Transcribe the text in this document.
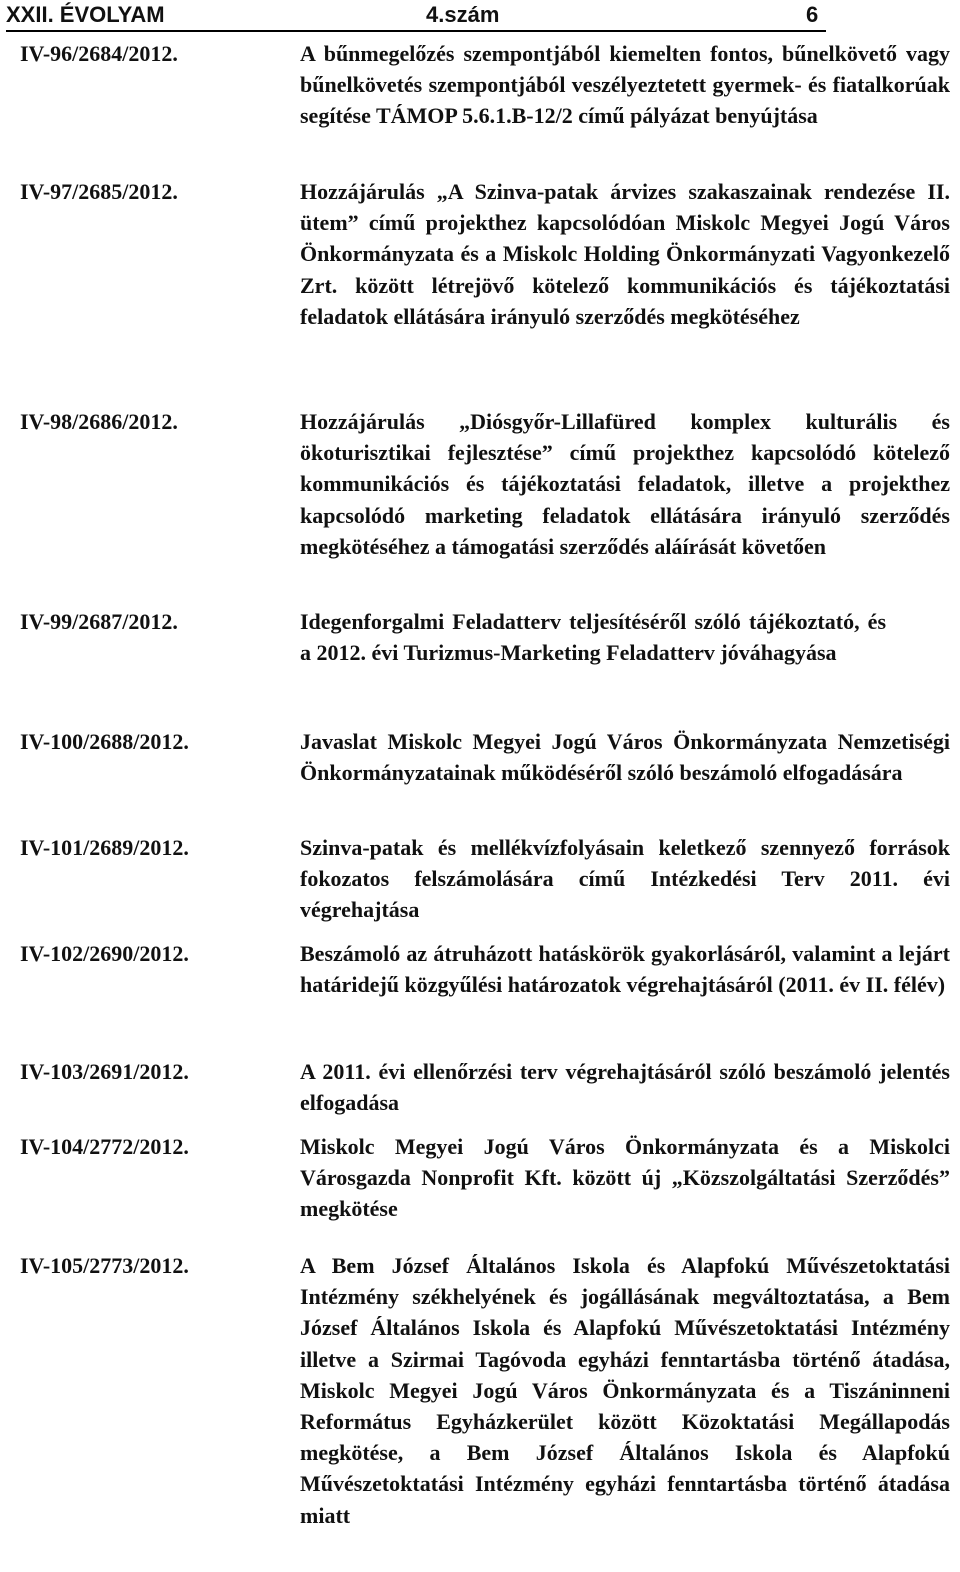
XXII. ÉVOLYAM	4.szám	6
IV-96/2684/2012.	A bűnmegelőzés szempontjából kiemelten fontos, bűnelkövető vagy bűnelkövetés szempontjából veszélyeztetett gyermek- és fiatalkorúak segítése TÁMOP 5.6.1.B-12/2 című pályázat benyújtása
IV-97/2685/2012.	Hozzájárulás „A Szinva-patak árvizes szakaszainak rendezése II. ütem” című projekthez kapcsolódóan Miskolc Megyei Jogú Város Önkormányzata és a Miskolc Holding Önkormányzati Vagyonkezelő Zrt. között létrejövő kötelező kommunikációs és tájékoztatási feladatok ellátására irányuló szerződés megkötéséhez
IV-98/2686/2012.	Hozzájárulás „Diósgyőr-Lillafüred komplex kulturális és ökoturisztikai fejlesztése” című projekthez kapcsolódó kötelező kommunikációs és tájékoztatási feladatok, illetve a projekthez kapcsolódó marketing feladatok ellátására irányuló szerződés megkötéséhez a támogatási szerződés aláírását követően
IV-99/2687/2012.	Idegenforgalmi Feladatterv teljesítéséről szóló tájékoztató, és a 2012. évi Turizmus-Marketing Feladatterv jóváhagyása
IV-100/2688/2012.	Javaslat Miskolc Megyei Jogú Város Önkormányzata Nemzetiségi Önkormányzatainak működéséről szóló beszámoló elfogadására
IV-101/2689/2012.	Szinva-patak és mellékvízfolyásain keletkező szennyező források fokozatos felszámolására című Intézkedési Terv 2011. évi végrehajtása
IV-102/2690/2012.	Beszámoló az átruházott hatáskörök gyakorlásáról, valamint a lejárt határidejű közgyűlési határozatok végrehajtásáról (2011. év II. félév)
IV-103/2691/2012.	A 2011. évi ellenőrzési terv végrehajtásáról szóló beszámoló jelentés elfogadása
IV-104/2772/2012.	Miskolc Megyei Jogú Város Önkormányzata és a Miskolci Városgazda Nonprofit Kft. között új „Közszolgáltatási Szerződés” megkötése
IV-105/2773/2012.	A Bem József Általános Iskola és Alapfokú Művészetoktatási Intézmény székhelyének és jogállásának megváltoztatása, a Bem József Általános Iskola és Alapfokú Művészetoktatási Intézmény illetve a Szirmai Tagóvoda egyházi fenntartásba történő átadása, Miskolc Megyei Jogú Város Önkormányzata és a Tiszáninneni Református Egyházkerület között Közoktatási Megállapodás megkötése, a Bem József Általános Iskola és Alapfokú Művészetoktatási Intézmény egyházi fenntartásba történő átadása miatt
